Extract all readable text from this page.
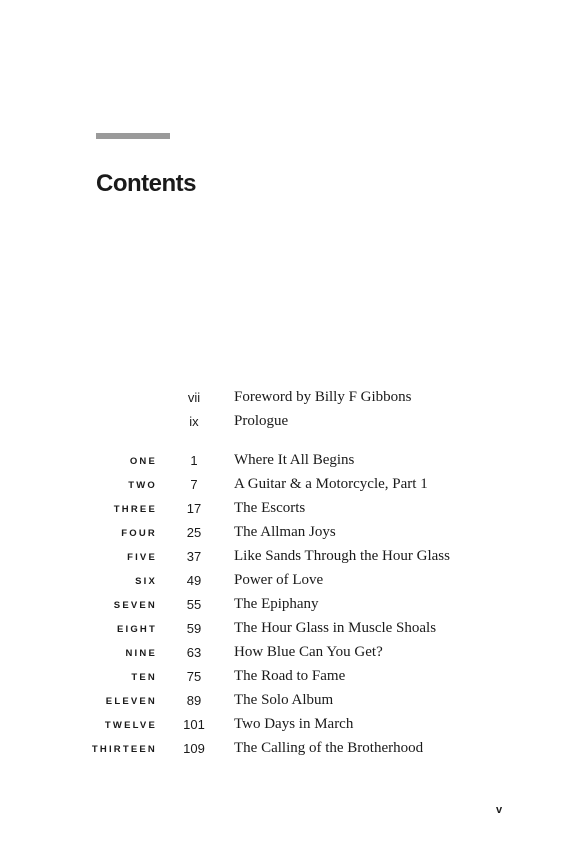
Contents
vii	Foreword by Billy F Gibbons
ix	Prologue
ONE	1	Where It All Begins
TWO	7	A Guitar & a Motorcycle, Part 1
THREE	17	The Escorts
FOUR	25	The Allman Joys
FIVE	37	Like Sands Through the Hour Glass
SIX	49	Power of Love
SEVEN	55	The Epiphany
EIGHT	59	The Hour Glass in Muscle Shoals
NINE	63	How Blue Can You Get?
TEN	75	The Road to Fame
ELEVEN	89	The Solo Album
TWELVE	101	Two Days in March
THIRTEEN	109	The Calling of the Brotherhood
v
